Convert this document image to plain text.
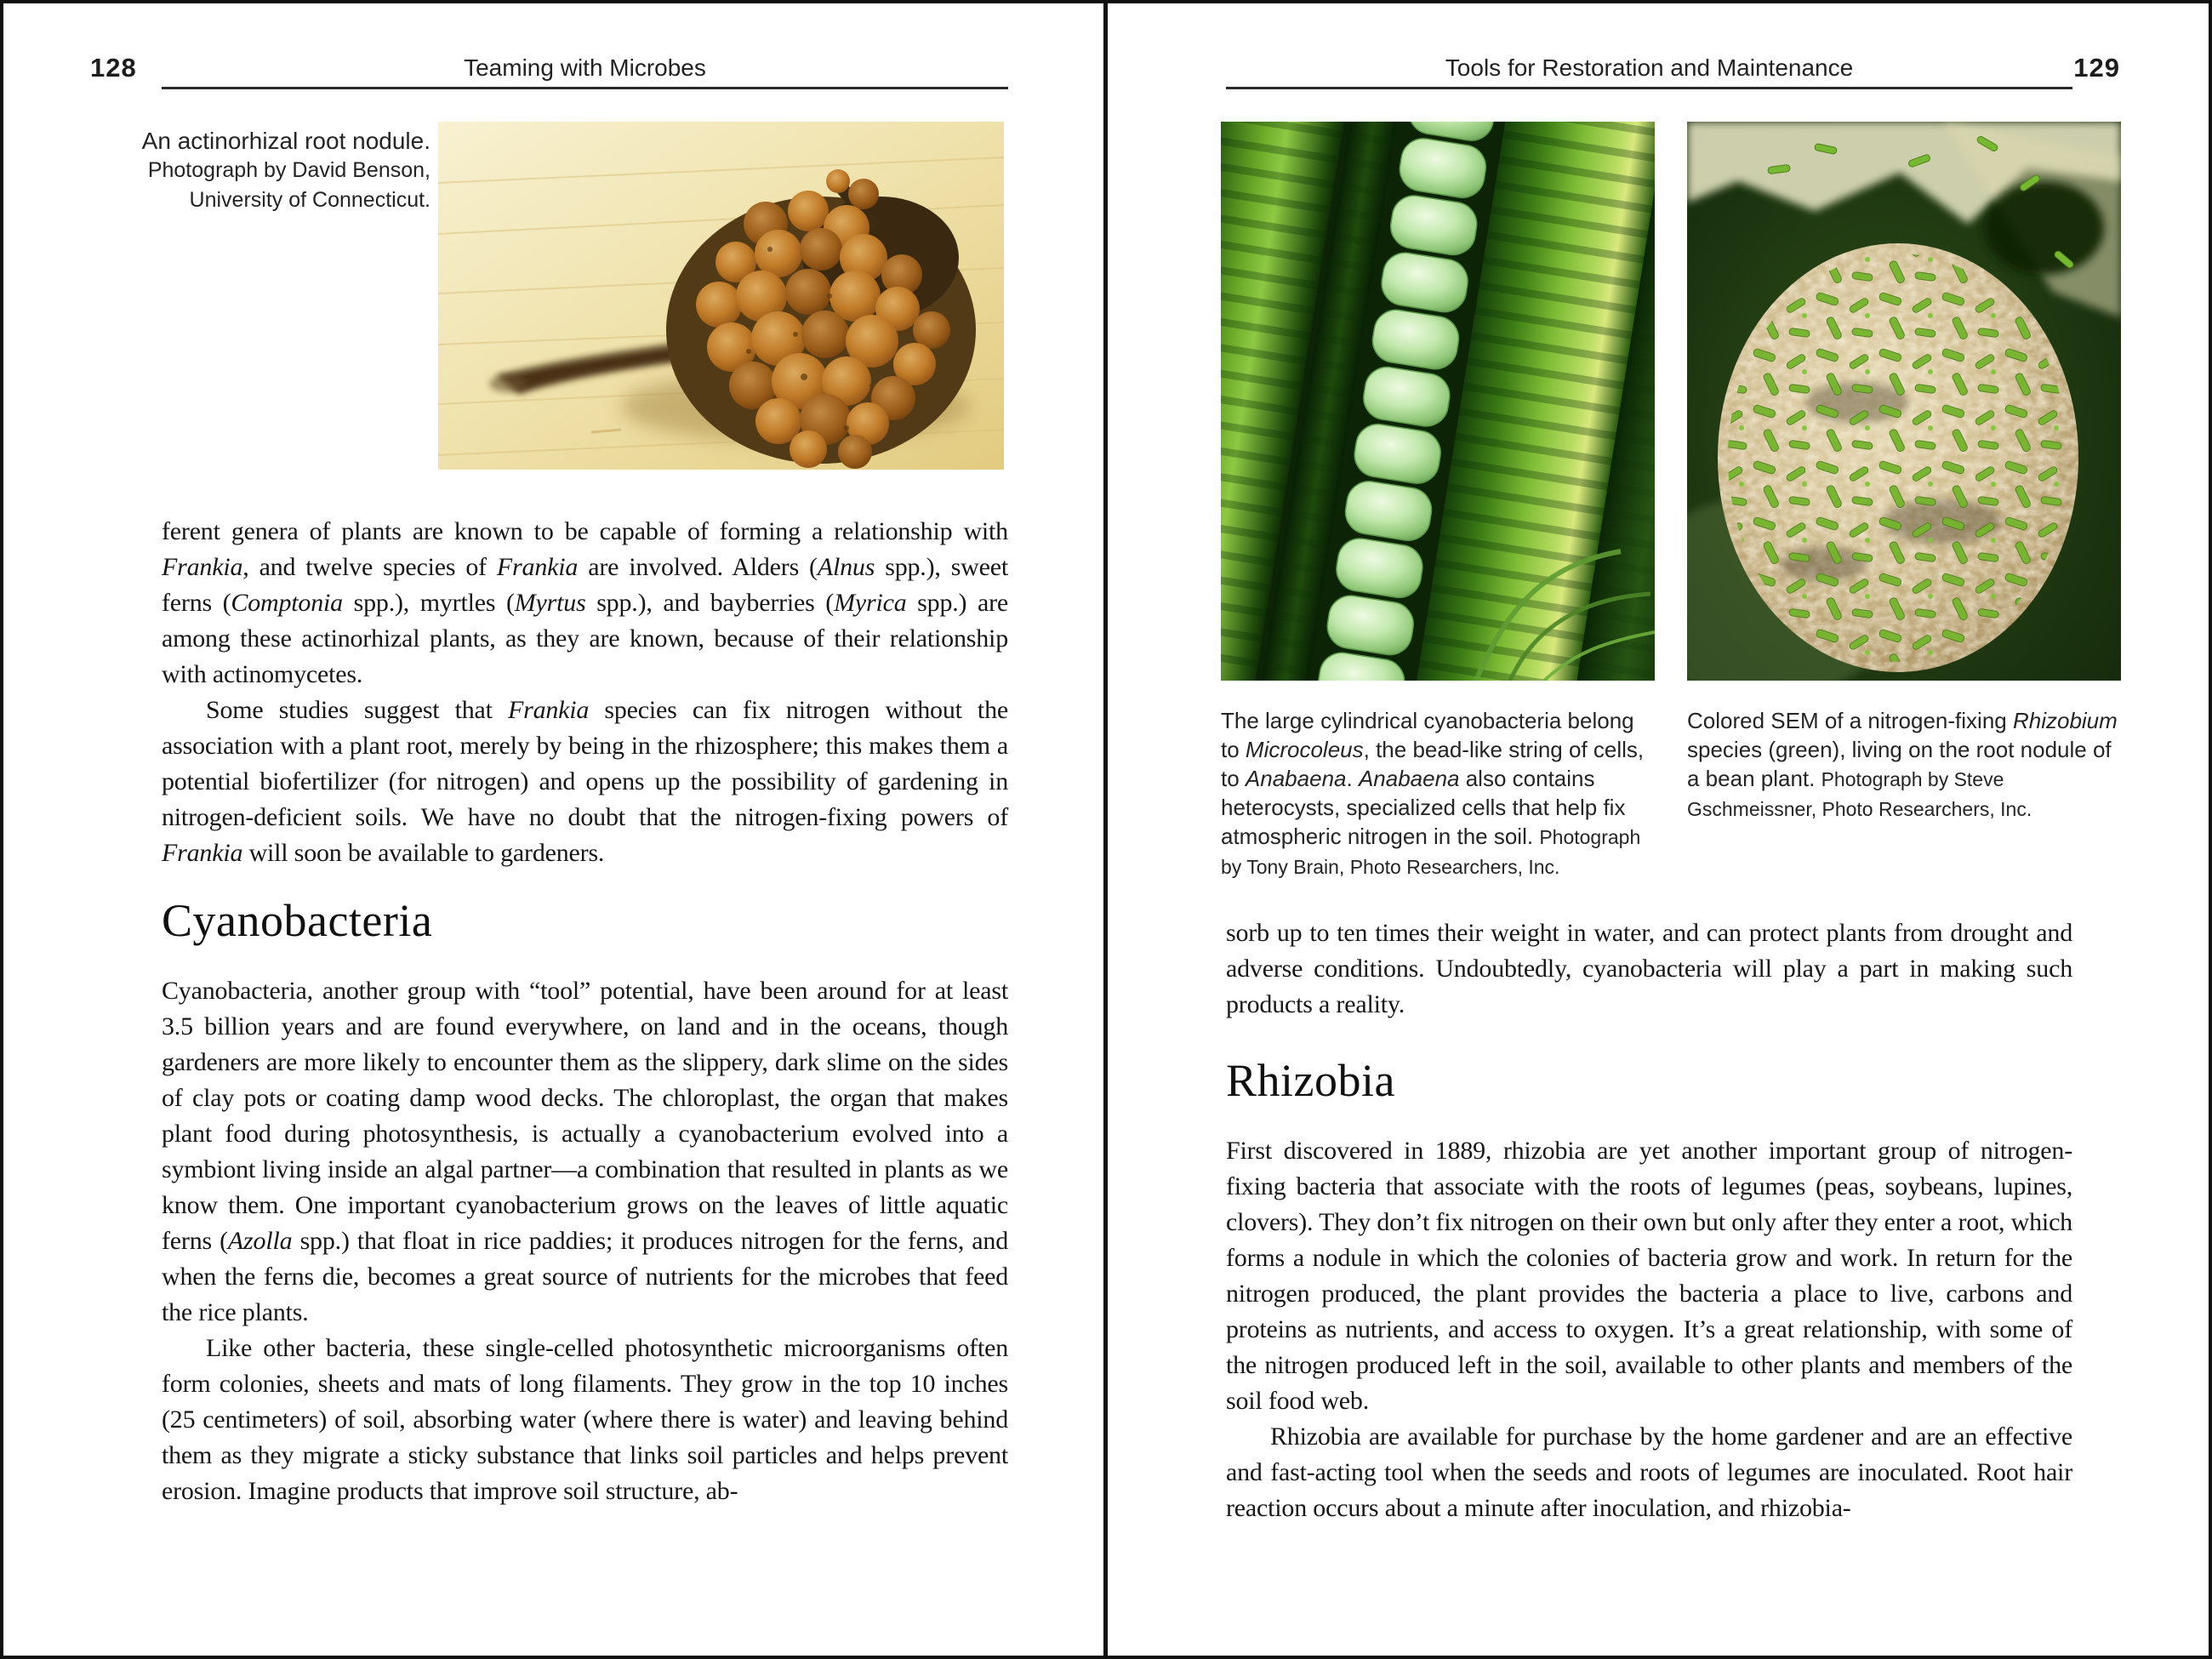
128	Teaming with Microbes
An actinorhizal root nodule.
Photograph by David Benson,
University of Connecticut.

ferent genera of plants are known to be capable of forming a relationship with Frankia, and twelve species of Frankia are involved. Alders (Alnus spp.), sweet ferns (Comptonia spp.), myrtles (Myrtus spp.), and bayberries (Myrica spp.) are among these actinorhizal plants, as they are known, because of their relationship with actinomycetes.

Some studies suggest that Frankia species can fix nitrogen without the association with a plant root, merely by being in the rhizosphere; this makes them a potential biofertilizer (for nitrogen) and opens up the possibility of gardening in nitrogen-deficient soils. We have no doubt that the nitrogen-fixing powers of Frankia will soon be available to gardeners.

Cyanobacteria

Cyanobacteria, another group with “tool” potential, have been around for at least 3.5 billion years and are found everywhere, on land and in the oceans, though gardeners are more likely to encounter them as the slippery, dark slime on the sides of clay pots or coating damp wood decks. The chloroplast, the organ that makes plant food during photosynthesis, is actually a cyanobacterium evolved into a symbiont living inside an algal partner—a combination that resulted in plants as we know them. One important cyanobacterium grows on the leaves of little aquatic ferns (Azolla spp.) that float in rice paddies; it produces nitrogen for the ferns, and when the ferns die, becomes a great source of nutrients for the microbes that feed the rice plants.

Like other bacteria, these single-celled photosynthetic microorganisms often form colonies, sheets and mats of long filaments. They grow in the top 10 inches (25 centimeters) of soil, absorbing water (where there is water) and leaving behind them as they migrate a sticky substance that links soil particles and helps prevent erosion. Imagine products that improve soil structure, ab-

129
Tools for Restoration and Maintenance
The large cylindrical cyanobacteria belong to Microcoleus, the bead-like string of cells, to Anabaena. Anabaena also contains heterocysts, specialized cells that help fix atmospheric nitrogen in the soil. Photograph by Tony Brain, Photo Researchers, Inc.
Colored SEM of a nitrogen-fixing Rhizobium species (green), living on the root nodule of a bean plant. Photograph by Steve Gschmeissner, Photo Researchers, Inc.

sorb up to ten times their weight in water, and can protect plants from drought and adverse conditions. Undoubtedly, cyanobacteria will play a part in making such products a reality.

Rhizobia

First discovered in 1889, rhizobia are yet another important group of nitrogen-fixing bacteria that associate with the roots of legumes (peas, soybeans, lupines, clovers). They don’t fix nitrogen on their own but only after they enter a root, which forms a nodule in which the colonies of bacteria grow and work. In return for the nitrogen produced, the plant provides the bacteria a place to live, carbons and proteins as nutrients, and access to oxygen. It’s a great relationship, with some of the nitrogen produced left in the soil, available to other plants and members of the soil food web.

Rhizobia are available for purchase by the home gardener and are an effective and fast-acting tool when the seeds and roots of legumes are inoculated. Root hair reaction occurs about a minute after inoculation, and rhizobia-
